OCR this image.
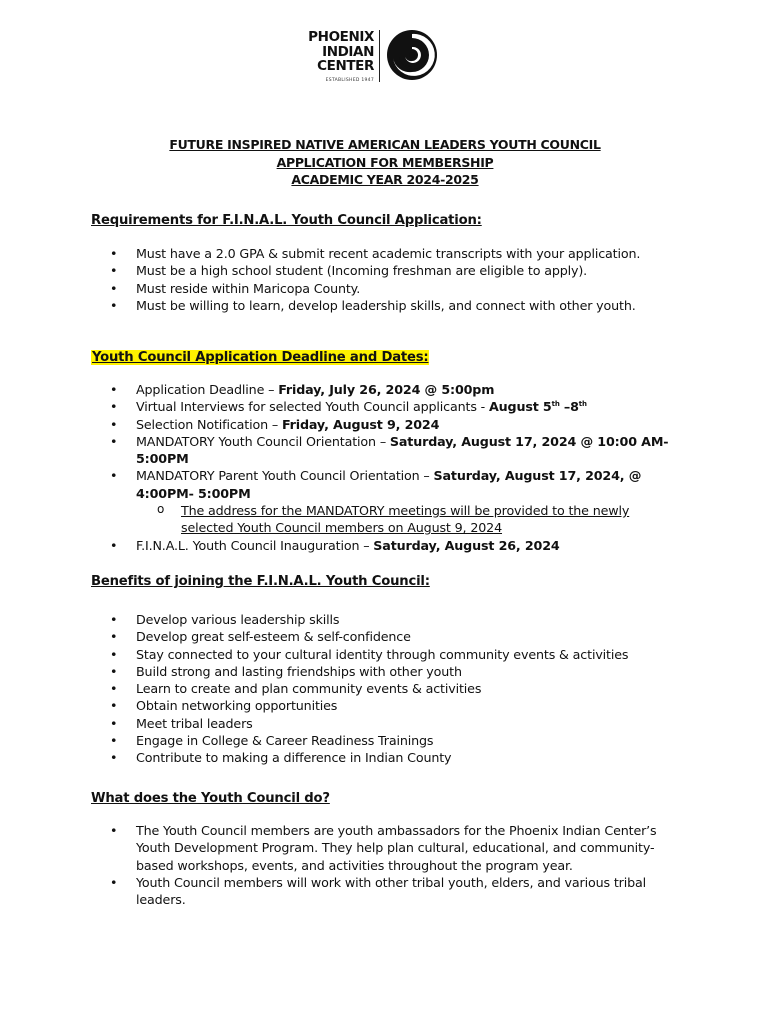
PHOENIX
INDIAN
CENTER
ESTABLISHED 1947
FUTURE INSPIRED NATIVE AMERICAN LEADERS YOUTH COUNCIL
APPLICATION FOR MEMBERSHIP
ACADEMIC YEAR 2024-2025
Requirements for F.I.N.A.L. Youth Council Application:
• Must have a 2.0 GPA & submit recent academic transcripts with your application.
• Must be a high school student (Incoming freshman are eligible to apply).
• Must reside within Maricopa County.
• Must be willing to learn, develop leadership skills, and connect with other youth.
Youth Council Application Deadline and Dates:
• Application Deadline – Friday, July 26, 2024 @ 5:00pm
• Virtual Interviews for selected Youth Council applicants - August 5th –8th
• Selection Notification – Friday, August 9, 2024
• MANDATORY Youth Council Orientation – Saturday, August 17, 2024 @ 10:00 AM-5:00PM
• MANDATORY Parent Youth Council Orientation – Saturday, August 17, 2024, @ 4:00PM- 5:00PM
o The address for the MANDATORY meetings will be provided to the newly selected Youth Council members on August 9, 2024
• F.I.N.A.L. Youth Council Inauguration – Saturday, August 26, 2024
Benefits of joining the F.I.N.A.L. Youth Council:
• Develop various leadership skills
• Develop great self-esteem & self-confidence
• Stay connected to your cultural identity through community events & activities
• Build strong and lasting friendships with other youth
• Learn to create and plan community events & activities
• Obtain networking opportunities
• Meet tribal leaders
• Engage in College & Career Readiness Trainings
• Contribute to making a difference in Indian County
What does the Youth Council do?
• The Youth Council members are youth ambassadors for the Phoenix Indian Center’s Youth Development Program. They help plan cultural, educational, and community-based workshops, events, and activities throughout the program year.
• Youth Council members will work with other tribal youth, elders, and various tribal leaders.
